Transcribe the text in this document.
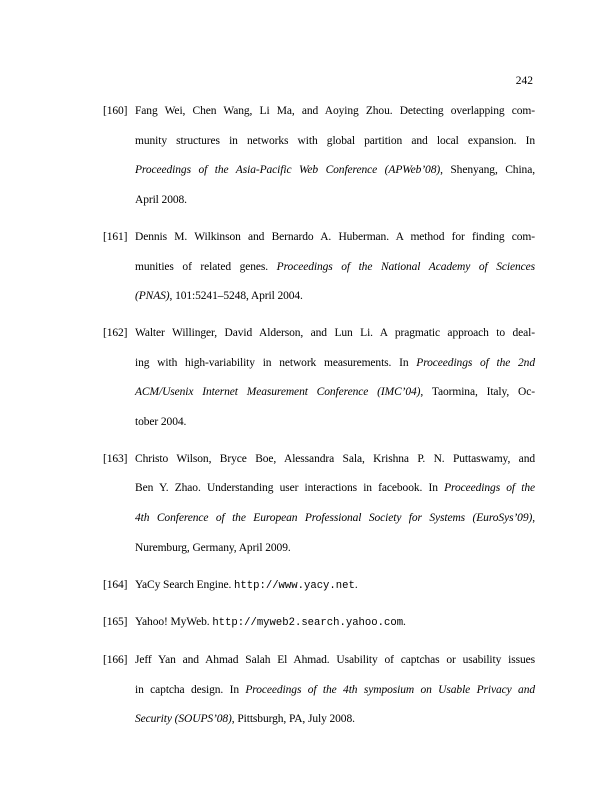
242
[160] Fang Wei, Chen Wang, Li Ma, and Aoying Zhou. Detecting overlapping com-
munity structures in networks with global partition and local expansion. In
Proceedings of the Asia-Pacific Web Conference (APWeb’08), Shenyang, China,
April 2008.
[161] Dennis M. Wilkinson and Bernardo A. Huberman. A method for finding com-
munities of related genes. Proceedings of the National Academy of Sciences
(PNAS), 101:5241–5248, April 2004.
[162] Walter Willinger, David Alderson, and Lun Li. A pragmatic approach to deal-
ing with high-variability in network measurements. In Proceedings of the 2nd
ACM/Usenix Internet Measurement Conference (IMC’04), Taormina, Italy, Oc-
tober 2004.
[163] Christo Wilson, Bryce Boe, Alessandra Sala, Krishna P. N. Puttaswamy, and
Ben Y. Zhao. Understanding user interactions in facebook. In Proceedings of the
4th Conference of the European Professional Society for Systems (EuroSys’09),
Nuremburg, Germany, April 2009.
[164] YaCy Search Engine. http://www.yacy.net.
[165] Yahoo! MyWeb. http://myweb2.search.yahoo.com.
[166] Jeff Yan and Ahmad Salah El Ahmad. Usability of captchas or usability issues
in captcha design. In Proceedings of the 4th symposium on Usable Privacy and
Security (SOUPS’08), Pittsburgh, PA, July 2008.
